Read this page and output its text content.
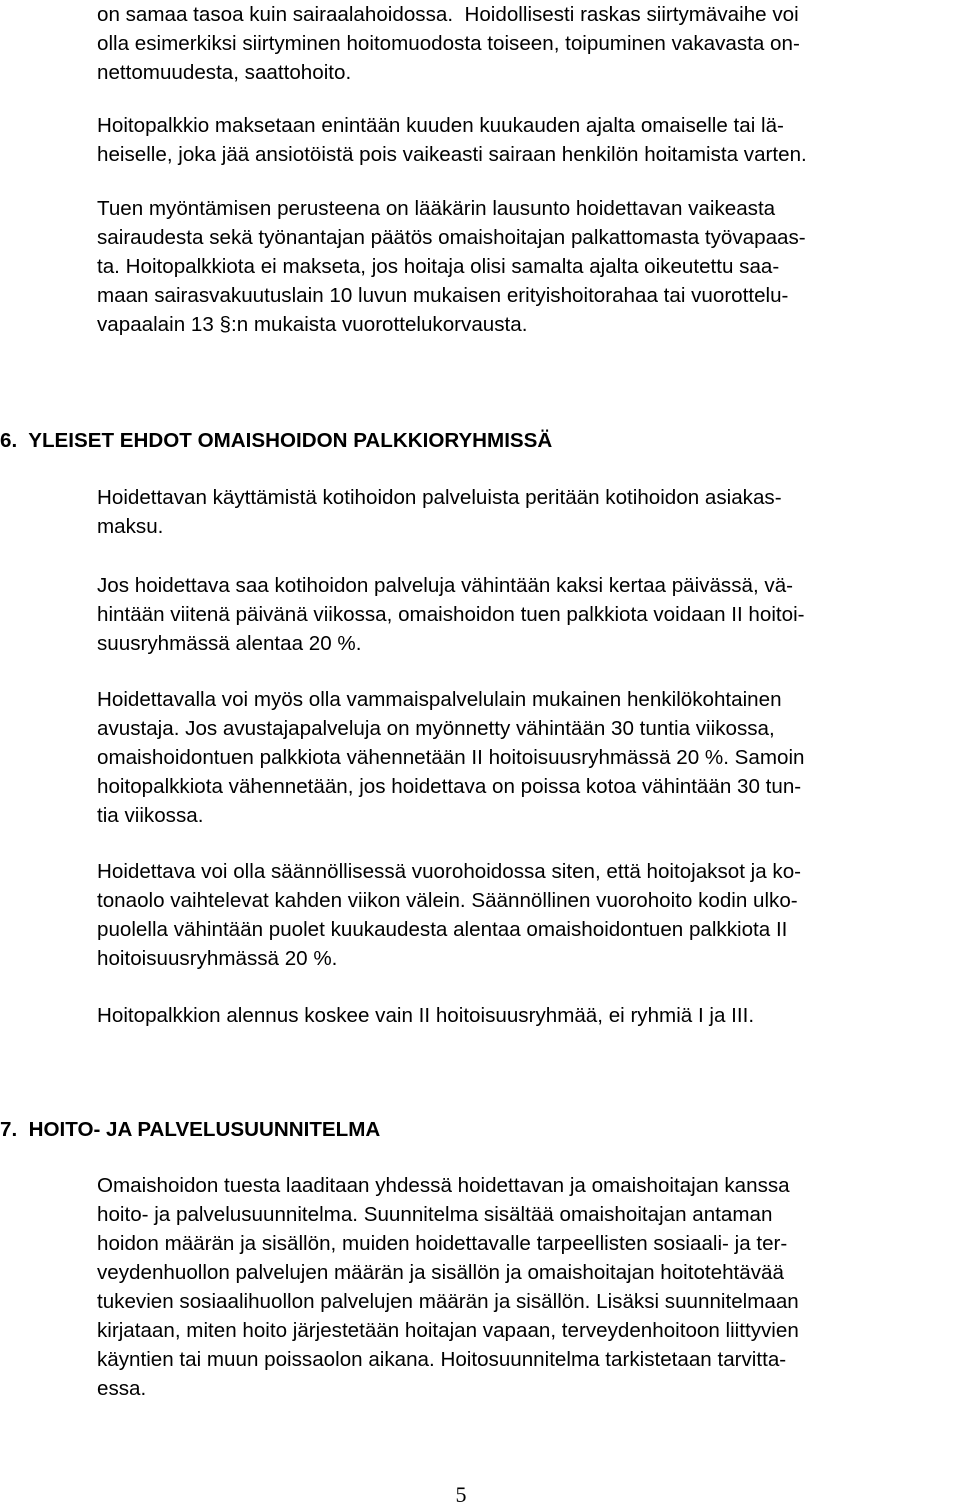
on samaa tasoa kuin sairaalahoidossa.  Hoidollisesti raskas siirtymävaihe voi
olla esimerkiksi siirtyminen hoitomuodosta toiseen, toipuminen vakavasta on-
nettomuudesta, saattohoito.
Hoitopalkkio maksetaan enintään kuuden kuukauden ajalta omaiselle tai lä-
heiselle, joka jää ansiotöistä pois vaikeasti sairaan henkilön hoitamista varten.
Tuen myöntämisen perusteena on lääkärin lausunto hoidettavan vaikeasta
sairaudesta sekä työnantajan päätös omaishoitajan palkattomasta työvapaas-
ta. Hoitopalkkiota ei makseta, jos hoitaja olisi samalta ajalta oikeutettu saa-
maan sairasvakuutuslain 10 luvun mukaisen erityishoitorahaa tai vuorottelu-
vapaalain 13 §:n mukaista vuorottelukorvausta.
6.  YLEISET EHDOT OMAISHOIDON PALKKIORYHMISSÄ
Hoidettavan käyttämistä kotihoidon palveluista peritään kotihoidon asiakas-
maksu.
Jos hoidettava saa kotihoidon palveluja vähintään kaksi kertaa päivässä, vä-
hintään viitenä päivänä viikossa, omaishoidon tuen palkkiota voidaan II hoitoi-
suusryhmässä alentaa 20 %.
Hoidettavalla voi myös olla vammaispalvelulain mukainen henkilökohtainen
avustaja. Jos avustajapalveluja on myönnetty vähintään 30 tuntia viikossa,
omaishoidontuen palkkiota vähennetään II hoitoisuusryhmässä 20 %. Samoin
hoitopalkkiota vähennetään, jos hoidettava on poissa kotoa vähintään 30 tun-
tia viikossa.
Hoidettava voi olla säännöllisessä vuorohoidossa siten, että hoitojaksot ja ko-
tonaolo vaihtelevat kahden viikon välein. Säännöllinen vuorohoito kodin ulko-
puolella vähintään puolet kuukaudesta alentaa omaishoidontuen palkkiota II
hoitoisuusryhmässä 20 %.
Hoitopalkkion alennus koskee vain II hoitoisuusryhmää, ei ryhmiä I ja III.
7.  HOITO- JA PALVELUSUUNNITELMA
Omaishoidon tuesta laaditaan yhdessä hoidettavan ja omaishoitajan kanssa
hoito- ja palvelusuunnitelma. Suunnitelma sisältää omaishoitajan antaman
hoidon määrän ja sisällön, muiden hoidettavalle tarpeellisten sosiaali- ja ter-
veydenhuollon palvelujen määrän ja sisällön ja omaishoitajan hoitotehtävää
tukevien sosiaalihuollon palvelujen määrän ja sisällön. Lisäksi suunnitelmaan
kirjataan, miten hoito järjestetään hoitajan vapaan, terveydenhoitoon liittyvien
käyntien tai muun poissaolon aikana. Hoitosuunnitelma tarkistetaan tarvitta-
essa.
5
